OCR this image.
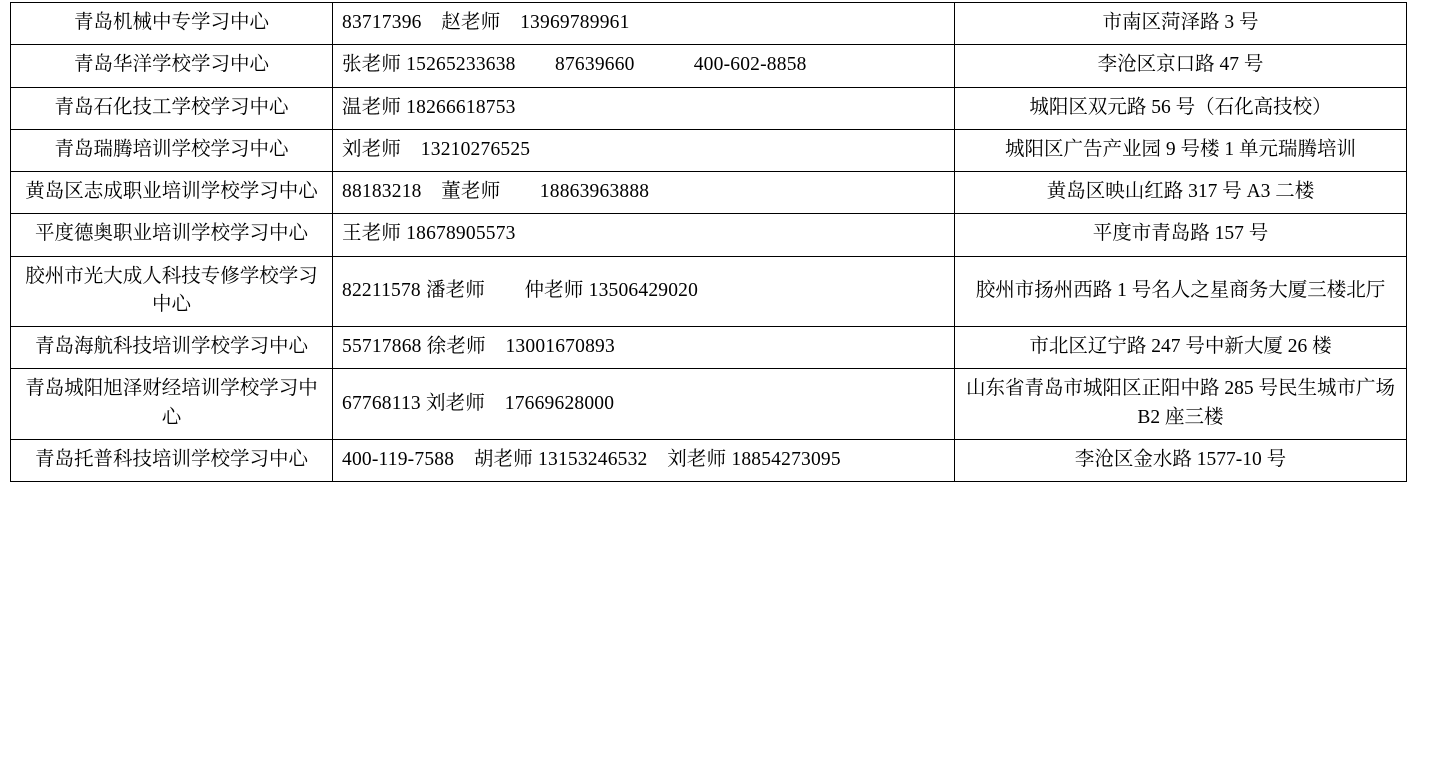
青岛机械中专学习中心	83717396　赵老师　13969789961	市南区菏泽路 3 号

青岛华洋学校学习中心	张老师 15265233638　　87639660　　　400-602-8858	李沧区京口路 47 号

青岛石化技工学校学习中心	温老师 18266618753	城阳区双元路 56 号（石化高技校）

青岛瑞腾培训学校学习中心	刘老师　13210276525	城阳区广告产业园 9 号楼 1 单元瑞腾培训

黄岛区志成职业培训学校学习中心	88183218　董老师　　18863963888	黄岛区映山红路 317 号 A3 二楼

平度德奥职业培训学校学习中心	王老师 18678905573	平度市青岛路 157 号

胶州市光大成人科技专修学校学习中心	82211578 潘老师　　仲老师 13506429020	胶州市扬州西路 1 号名人之星商务大厦三楼北厅

青岛海航科技培训学校学习中心	55717868 徐老师　13001670893	市北区辽宁路 247 号中新大厦 26 楼

青岛城阳旭泽财经培训学校学习中心	67768113 刘老师　17669628000	山东省青岛市城阳区正阳中路 285 号民生城市广场 B2 座三楼

青岛托普科技培训学校学习中心	400-119-7588　胡老师 13153246532　刘老师 18854273095	李沧区金水路 1577-10 号
